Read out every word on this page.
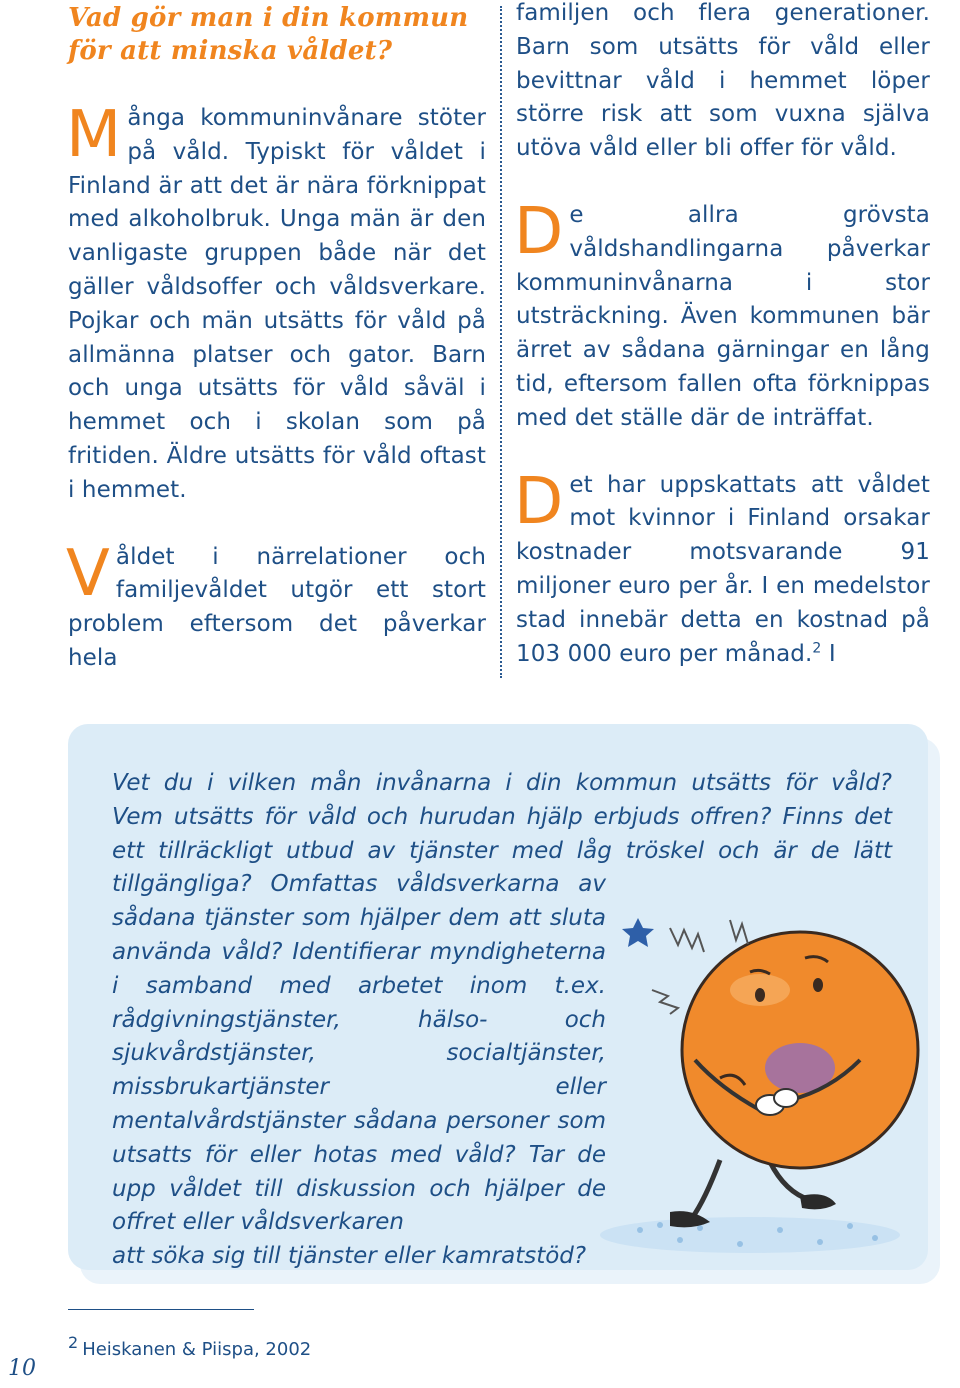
Vad gör man i din kommun för att minska våldet?

Många kommuninvånare stöter på våld. Typiskt för våldet i Finland är att det är nära förknippat med alkoholbruk. Unga män är den vanligaste gruppen både när det gäller våldsoffer och våldsverkare. Pojkar och män utsätts för våld på allmänna platser och gator. Barn och unga utsätts för våld såväl i hemmet och i skolan som på fritiden. Äldre utsätts för våld oftast i hemmet.

Våldet i närrelationer och familjevåldet utgör ett stort problem eftersom det påverkar hela

familjen och flera generationer. Barn som utsätts för våld eller bevittnar våld i hemmet löper större risk att som vuxna själva utöva våld eller bli offer för våld.

De allra grövsta våldshandlingarna påverkar kommuninvånarna i stor utsträckning. Även kommunen bär ärret av sådana gärningar en lång tid, eftersom fallen ofta förknippas med det ställe där de inträffat.

Det har uppskattats att våldet mot kvinnor i Finland orsakar kostnader motsvarande 91 miljoner euro per år. I en medelstor stad innebär detta en kostnad på 103 000 euro per månad.$^2$ I

Vet du i vilken mån invånarna i din kommun utsätts för våld?
Vem utsätts för våld och hurudan hjälp erbjuds offren? Finns det
ett tillräckligt utbud av tjänster med låg tröskel och är de lätt
tillgängliga? Omfattas våldsverkarna av sådana tjänster som hjälper dem att sluta använda våld? Identifierar myndigheterna i samband med arbetet inom t.ex. rådgivningstjänster, hälso- och sjukvårdstjänster, socialtjänster, missbrukartjänster eller mentalvårdstjänster sådana personer som utsatts för eller hotas med våld? Tar de upp våldet till diskussion och hjälper de offret eller våldsverkaren
att söka sig till tjänster eller kamratstöd?

2 Heiskanen & Piispa, 2002

10
